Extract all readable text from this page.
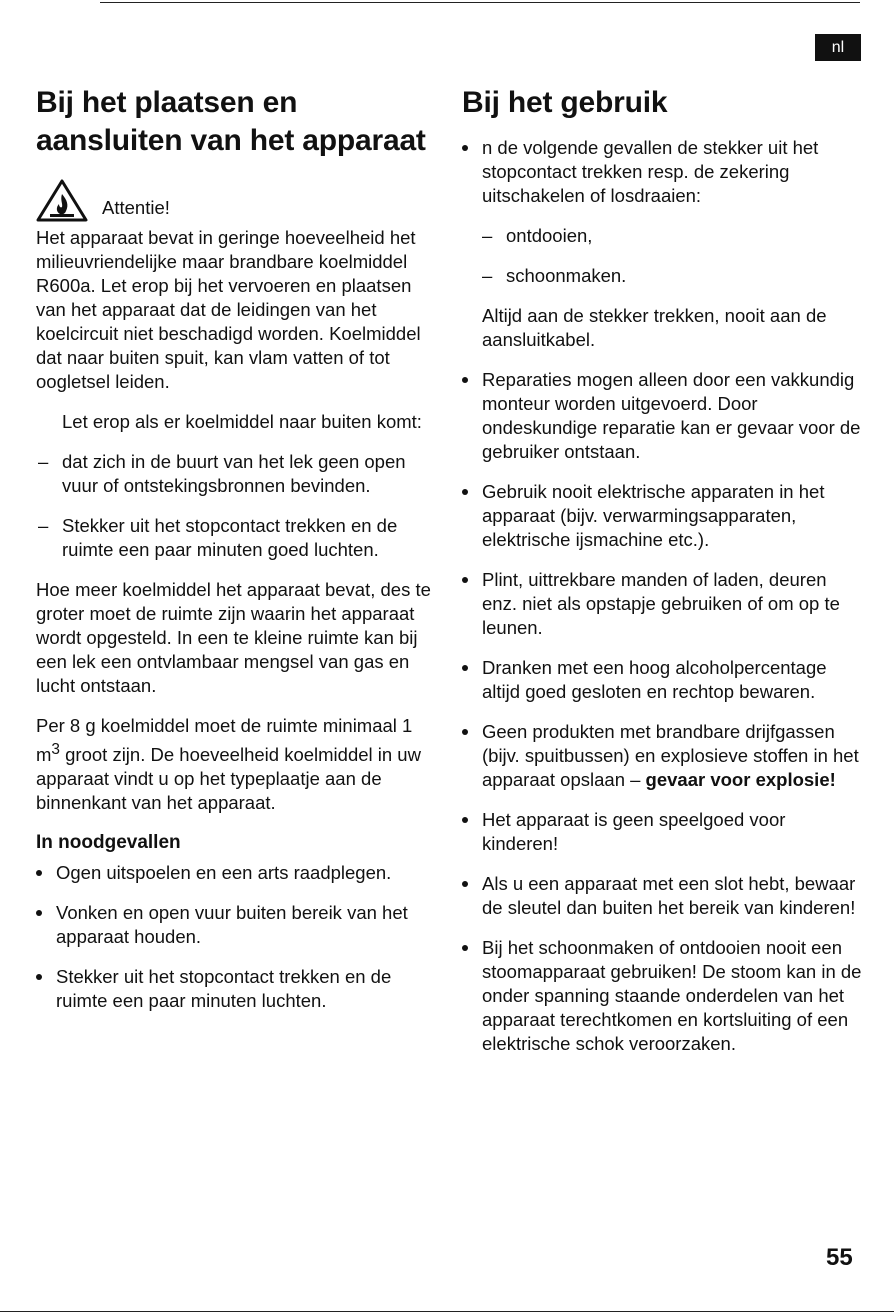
nl
Bij het plaatsen en aansluiten van het apparaat
Attentie!

Het apparaat bevat in geringe hoeveelheid het milieuvriendelijke maar brandbare koelmiddel R600a. Let erop bij het vervoeren en plaatsen van het apparaat dat de leidingen van het koelcircuit niet beschadigd worden. Koelmiddel dat naar buiten spuit, kan vlam vatten of tot oogletsel leiden.

Let erop als er koelmiddel naar buiten komt:

– dat zich in de buurt van het lek geen open vuur of ontstekingsbronnen bevinden.
– Stekker uit het stopcontact trekken en de ruimte een paar minuten goed luchten.

Hoe meer koelmiddel het apparaat bevat, des te groter moet de ruimte zijn waarin het apparaat wordt opgesteld. In een te kleine ruimte kan bij een lek een ontvlambaar mengsel van gas en lucht ontstaan.

Per 8 g koelmiddel moet de ruimte minimaal 1 $m^3$ groot zijn. De hoeveelheid koelmiddel in uw apparaat vindt u op het typeplaatje aan de binnenkant van het apparaat.

In noodgevallen
Ogen uitspoelen en een arts raadplegen.
Vonken en open vuur buiten bereik van het apparaat houden.
Stekker uit het stopcontact trekken en de ruimte een paar minuten luchten.
Bij het gebruik
n de volgende gevallen de stekker uit het stopcontact trekken resp. de zekering uitschakelen of losdraaien:
– ontdooien,
– schoonmaken.
Altijd aan de stekker trekken, nooit aan de aansluitkabel.
Reparaties mogen alleen door een vakkundig monteur worden uitgevoerd. Door ondeskundige reparatie kan er gevaar voor de gebruiker ontstaan.
Gebruik nooit elektrische apparaten in het apparaat (bijv. verwarmingsapparaten, elektrische ijsmachine etc.).
Plint, uittrekbare manden of laden, deuren enz. niet als opstapje gebruiken of om op te leunen.
Dranken met een hoog alcoholpercentage altijd goed gesloten en rechtop bewaren.
Geen produkten met brandbare drijfgassen (bijv. spuitbussen) en explosieve stoffen in het apparaat opslaan – gevaar voor explosie!
Het apparaat is geen speelgoed voor kinderen!
Als u een apparaat met een slot hebt, bewaar de sleutel dan buiten het bereik van kinderen!
Bij het schoonmaken of ontdooien nooit een stoomapparaat gebruiken! De stoom kan in de onder spanning staande onderdelen van het apparaat terechtkomen en kortsluiting of een elektrische schok veroorzaken.
55
